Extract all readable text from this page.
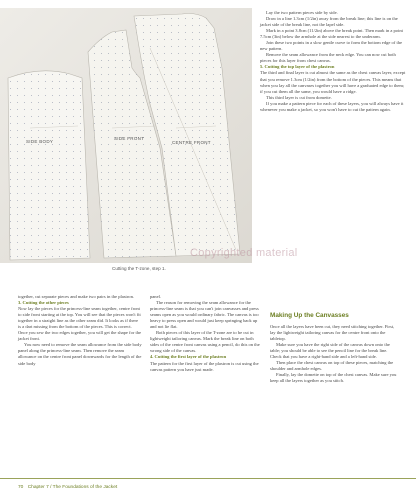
SIDE BODY
SIDE FRONT
CENTRE FRONT
Cutting the T-zone, step 1.
Copyrighted material

Lay the two pattern pieces side by side.

Draw in a line 1.3cm (1/2in) away from the break line; this line is on the jacket side of the break line, not the lapel side.

Mark in a point 3.8cm (11/2in) above the break point. Then mark in a point 7.5cm (3in) below the armhole at the side nearest to the underarm.

Join these two points in a slow gentle curve to form the bottom edge of the new pattern.

Remove the seam allowance from the neck edge. You can now cut both pieces for this layer from chest canvas.

5. Cutting the top layer of the plastron

The third and final layer is cut almost the same as the chest canvas layer, except that you remove 1.3cm (1/2in) from the bottom of the pieces. This means that when you lay all the canvases together you will have a graduated edge to them; if you cut them all the same, you would have a ridge.

This third layer is cut from domette.

If you make a pattern piece for each of these layers, you will always have it whenever you make a jacket, so you won't have to cut the pattern again.

together, cut separate pieces and make two pairs in the plastron.

3. Cutting the other pieces

Now lay the pieces for the princess-line seam together, centre front to side front starting at the top. You will see that the pieces won't fit together in a straight line as the other seam did. It looks as if there is a dart missing from the bottom of the pieces. This is correct. Once you sew the two edges together, you will get the shape for the jacket front.

You now need to remove the seam allowance from the side body panel along the princess-line seam. Then remove the seam allowance on the centre front panel downwards for the length of the side body

panel.

The reason for removing the seam allowance for the princess-line seam is that you can't join canvasses and press seams open as you would ordinary fabric. The canvas is too heavy to press open and would just keep springing back up and not lie flat.

Both pieces of this layer of the T-zone are to be cut in lightweight tailoring canvas. Mark the break line on both sides of the centre front canvas using a pencil, do this on the wrong side of the canvas.

4. Cutting the first layer of the plastron

The pattern for the first layer of the plastron is cut using the canvas pattern you have just made.

Making Up the Canvasses

Once all the layers have been cut, they need stitching together. First, lay the lightweight tailoring canvas for the centre front onto the tabletop.

Make sure you have the right side of the canvas down onto the table; you should be able to see the pencil line for the break line. Check that you have a right-hand side and a left-hand side.

Then place the chest canvas on top of these pieces, matching the shoulder and armhole edges.

Finally, lay the domette on top of the chest canvas. Make sure you keep all the layers together as you stitch.

70 Chapter 7 / The Foundations of the Jacket
